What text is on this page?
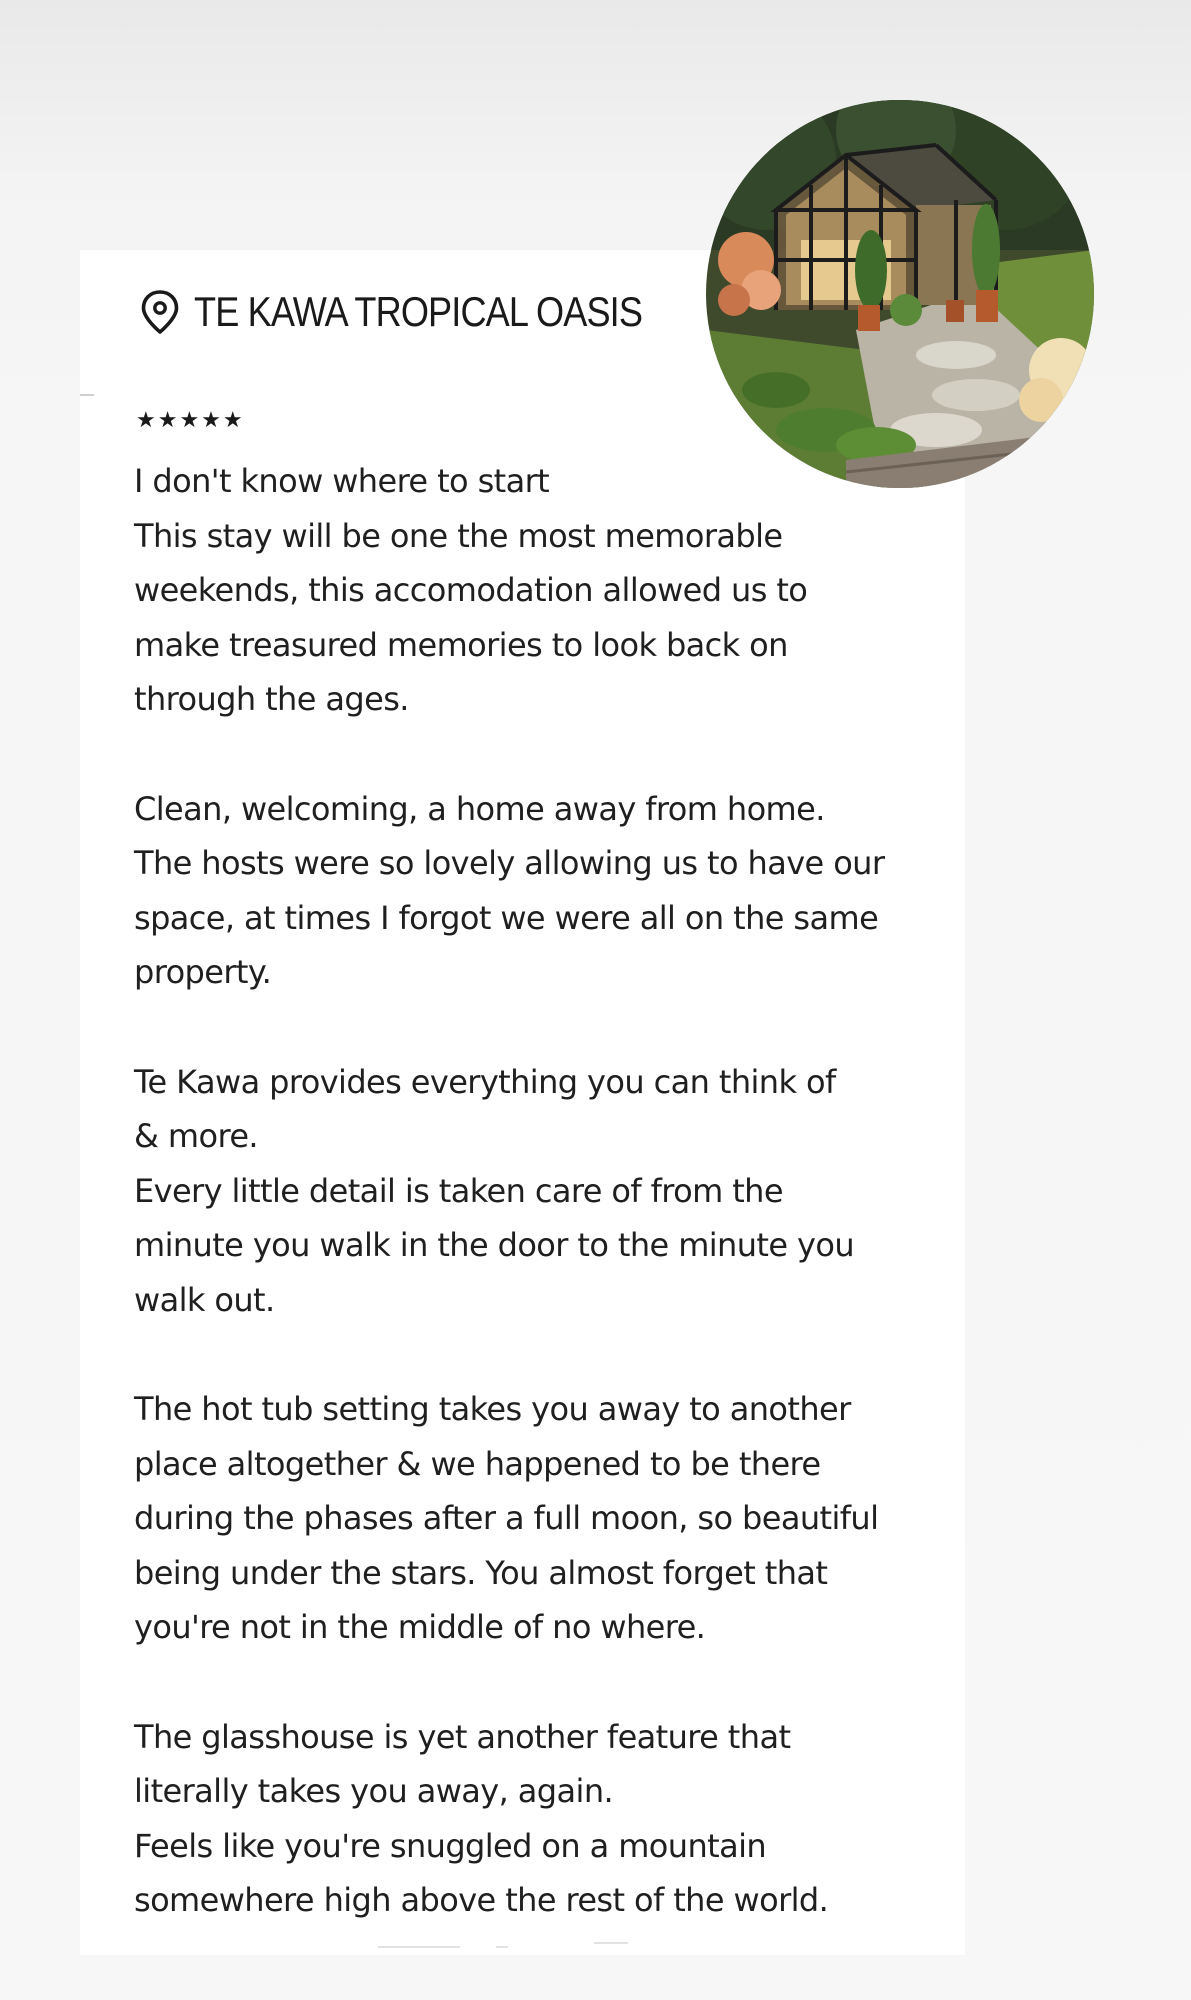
TE KAWA TROPICAL OASIS
★★★★★
I don't know where to start
This stay will be one the most memorable
weekends, this accomodation allowed us to
make treasured memories to look back on
through the ages.
Clean, welcoming, a home away from home.
The hosts were so lovely allowing us to have our
space, at times I forgot we were all on the same
property.
Te Kawa provides everything you can think of
& more.
Every little detail is taken care of from the
minute you walk in the door to the minute you
walk out.
The hot tub setting takes you away to another
place altogether & we happened to be there
during the phases after a full moon, so beautiful
being under the stars. You almost forget that
you're not in the middle of no where.
The glasshouse is yet another feature that
literally takes you away, again.
Feels like you're snuggled on a mountain
somewhere high above the rest of the world.
